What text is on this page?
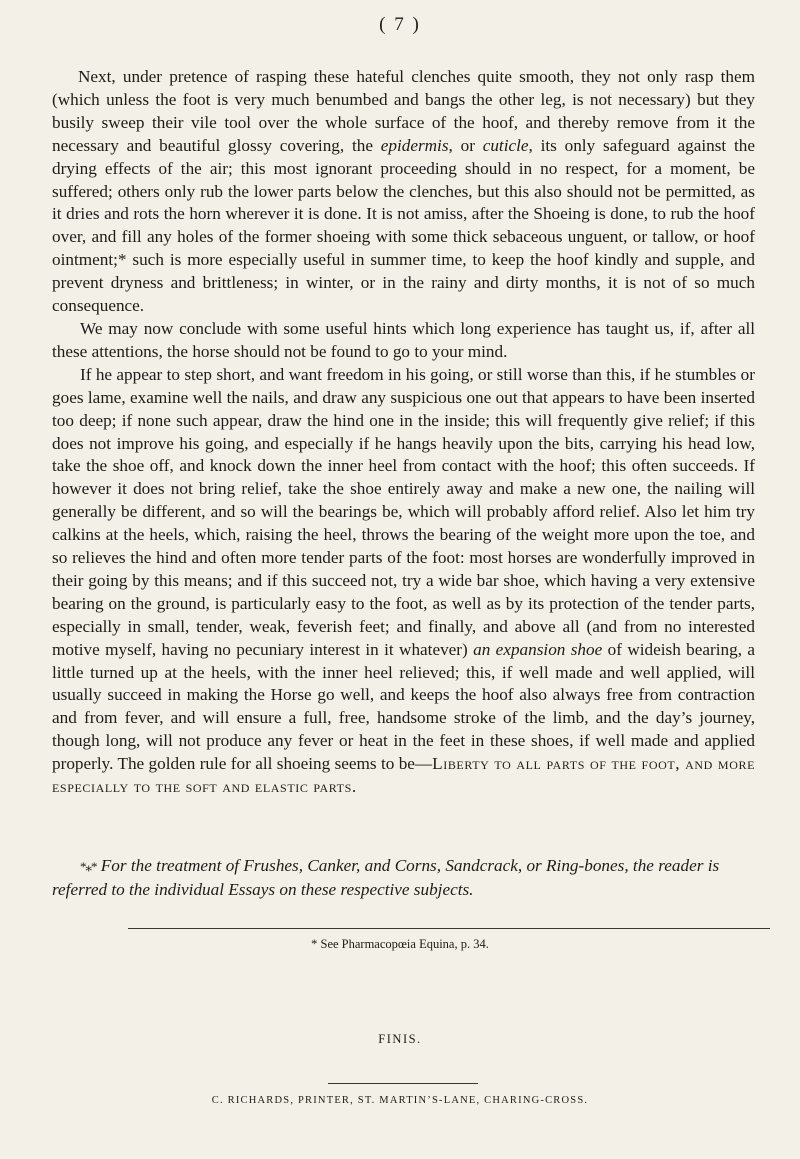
( 7 )

Next, under pretence of rasping these hateful clenches quite smooth, they not only rasp them (which unless the foot is very much benumbed and bangs the other leg, is not necessary) but they busily sweep their vile tool over the whole surface of the hoof, and thereby remove from it the necessary and beautiful glossy covering, the epidermis, or cuticle, its only safeguard against the drying effects of the air; this most ignorant proceeding should in no respect, for a moment, be suffered; others only rub the lower parts below the clenches, but this also should not be permitted, as it dries and rots the horn wherever it is done. It is not amiss, after the Shoeing is done, to rub the hoof over, and fill any holes of the former shoeing with some thick sebaceous unguent, or tallow, or hoof ointment;* such is more especially useful in summer time, to keep the hoof kindly and supple, and prevent dryness and brittleness; in winter, or in the rainy and dirty months, it is not of so much consequence.

We may now conclude with some useful hints which long experience has taught us, if, after all these attentions, the horse should not be found to go to your mind.

If he appear to step short, and want freedom in his going, or still worse than this, if he stumbles or goes lame, examine well the nails, and draw any suspicious one out that appears to have been inserted too deep; if none such appear, draw the hind one in the inside; this will frequently give relief; if this does not improve his going, and especially if he hangs heavily upon the bits, carrying his head low, take the shoe off, and knock down the inner heel from contact with the hoof; this often succeeds. If however it does not bring relief, take the shoe entirely away and make a new one, the nailing will generally be different, and so will the bearings be, which will probably afford relief. Also let him try calkins at the heels, which, raising the heel, throws the bearing of the weight more upon the toe, and so relieves the hind and often more tender parts of the foot: most horses are wonderfully improved in their going by this means; and if this succeed not, try a wide bar shoe, which having a very extensive bearing on the ground, is particularly easy to the foot, as well as by its protection of the tender parts, especially in small, tender, weak, feverish feet; and finally, and above all (and from no interested motive myself, having no pecuniary interest in it whatever) an expansion shoe of wideish bearing, a little turned up at the heels, with the inner heel relieved; this, if well made and well applied, will usually succeed in making the Horse go well, and keeps the hoof also always free from contraction and from fever, and will ensure a full, free, handsome stroke of the limb, and the day’s journey, though long, will not produce any fever or heat in the feet in these shoes, if well made and applied properly. The golden rule for all shoeing seems to be—Liberty to all parts of the foot, and more especially to the soft and elastic parts.

*⁎* For the treatment of Frushes, Canker, and Corns, Sandcrack, or Ring-bones, the reader is referred to the individual Essays on these respective subjects.
* See Pharmacopœia Equina, p. 34.
FINIS.
C. RICHARDS, PRINTER, ST. MARTIN’S-LANE, CHARING-CROSS.
